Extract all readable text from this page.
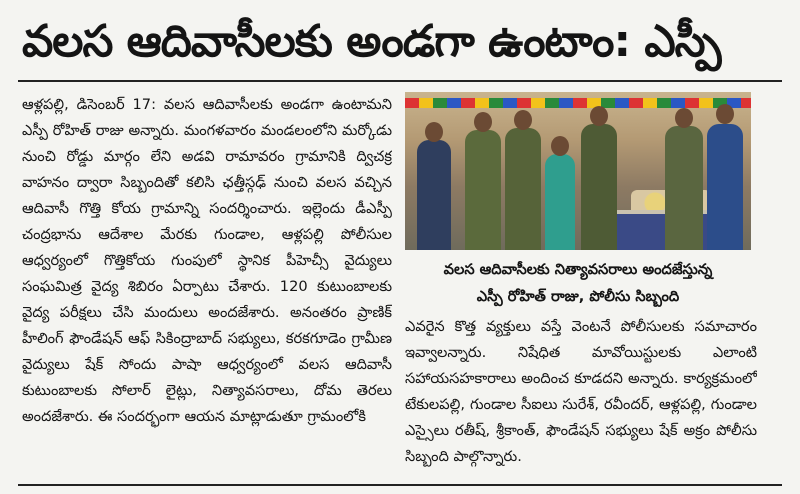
వలస ఆదివాసీలకు అండగా ఉంటాం: ఎస్పీ

ఆళ్లపల్లి, డిసెంబర్ 17: వలస ఆదివాసీలకు అండగా ఉంటామని ఎస్పీ రోహిత్ రాజు అన్నారు. మంగళవారం మండలంలోని మర్కోడు నుంచి రోడ్డు మార్గం లేని అడవి రామావరం గ్రామానికి ద్విచక్ర వాహనం ద్వారా సిబ్బందితో కలిసి ఛత్తీస్గఢ్ నుంచి వలస వచ్చిన ఆదివాసీ గొత్తి కోయ గ్రామాన్ని సందర్శించారు. ఇల్లెందు డీఎస్పీ చంద్రభాను ఆదేశాల మేరకు గుండాల, ఆళ్లపల్లి పోలీసుల ఆధ్వర్యంలో గొత్తికోయ గుంపులో స్థానిక పీహెచ్సీ వైద్యులు సంఘమిత్ర వైద్య శిబిరం ఏర్పాటు చేశారు. 120 కుటుంబాలకు వైద్య పరీక్షలు చేసి మందులు అందజేశారు. అనంతరం ప్రాణిక్ హీలింగ్ ఫౌండేషన్ ఆఫ్ సికింద్రాబాద్ సభ్యులు, కరకగూడెం గ్రామీణ వైద్యులు షేక్ సోందు పాషా ఆధ్వర్యంలో వలస ఆదివాసీ కుటుంబాలకు సోలార్ లైట్లు, నిత్యావసరాలు, దోమ తెరలు అందజేశారు. ఈ సందర్భంగా ఆయన మాట్లాడుతూ గ్రామంలోకి

వలస ఆదివాసీలకు నిత్యావసరాలు అందజేస్తున్న
ఎస్పీ రోహిత్ రాజు, పోలీసు సిబ్బంది

ఎవరైన కొత్త వ్యక్తులు వస్తే వెంటనే పోలీసులకు సమాచారం ఇవ్వాలన్నారు. నిషేధిత మావోయిస్టులకు ఎలాంటి సహాయసహకారాలు అందించ కూడదని అన్నారు. కార్యక్రమంలో టేకులపల్లి, గుండాల సీఐలు సురేశ్, రవీందర్, ఆళ్లపల్లి, గుండాల ఎస్సైలు రతీష్, శ్రీకాంత్, ఫౌండేషన్ సభ్యులు షేక్ అక్రం పోలీసు సిబ్బంది పాల్గొన్నారు.
